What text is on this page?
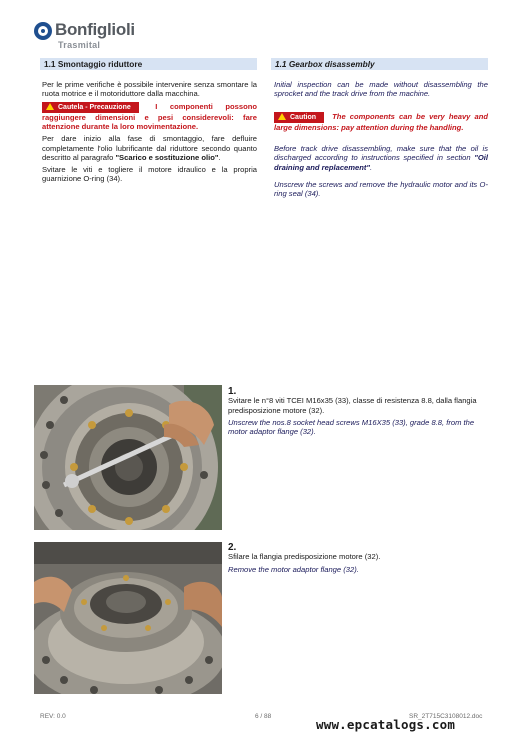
Bonfiglioli
Trasmital
1.1 Smontaggio riduttore	1.1 Gearbox disassembly

Per le prime verifiche è possibile intervenire senza smontare la ruota motrice e il motoriduttore dalla macchina.

Cautela - Precauzione	I componenti possono raggiungere dimensioni e pesi considerevoli: fare attenzione durante la loro movimentazione.

Per dare inizio alla fase di smontaggio, fare defluire completamente l'olio lubrificante dal riduttore secondo quanto descritto al paragrafo "Scarico e sostituzione olio".

Svitare le viti e togliere il motore idraulico e la propria guarnizione O-ring (34).

Initial inspection can be made without disassembling the sprocket and the track drive from the machine.

Caution The components can be very heavy and large dimensions: pay attention during the handling.

Before track drive disassembling, make sure that the oil is discharged according to instructions specified in section "Oil draining and replacement".

Unscrew the screws and remove the hydraulic motor and its O-ring seal (34).

1.

Svitare le n°8 viti TCEI M16x35 (33), classe di resistenza 8.8, dalla flangia predisposizione motore (32).

Unscrew the nos.8 socket head screws M16X35 (33), grade 8.8, from the motor adaptor flange (32).

2.

Sfilare la flangia predisposizione motore (32).

Remove the motor adaptor flange (32).

REV: 0.0	6 / 88	SR_2T715C3108012.doc
www.epcatalogs.com
